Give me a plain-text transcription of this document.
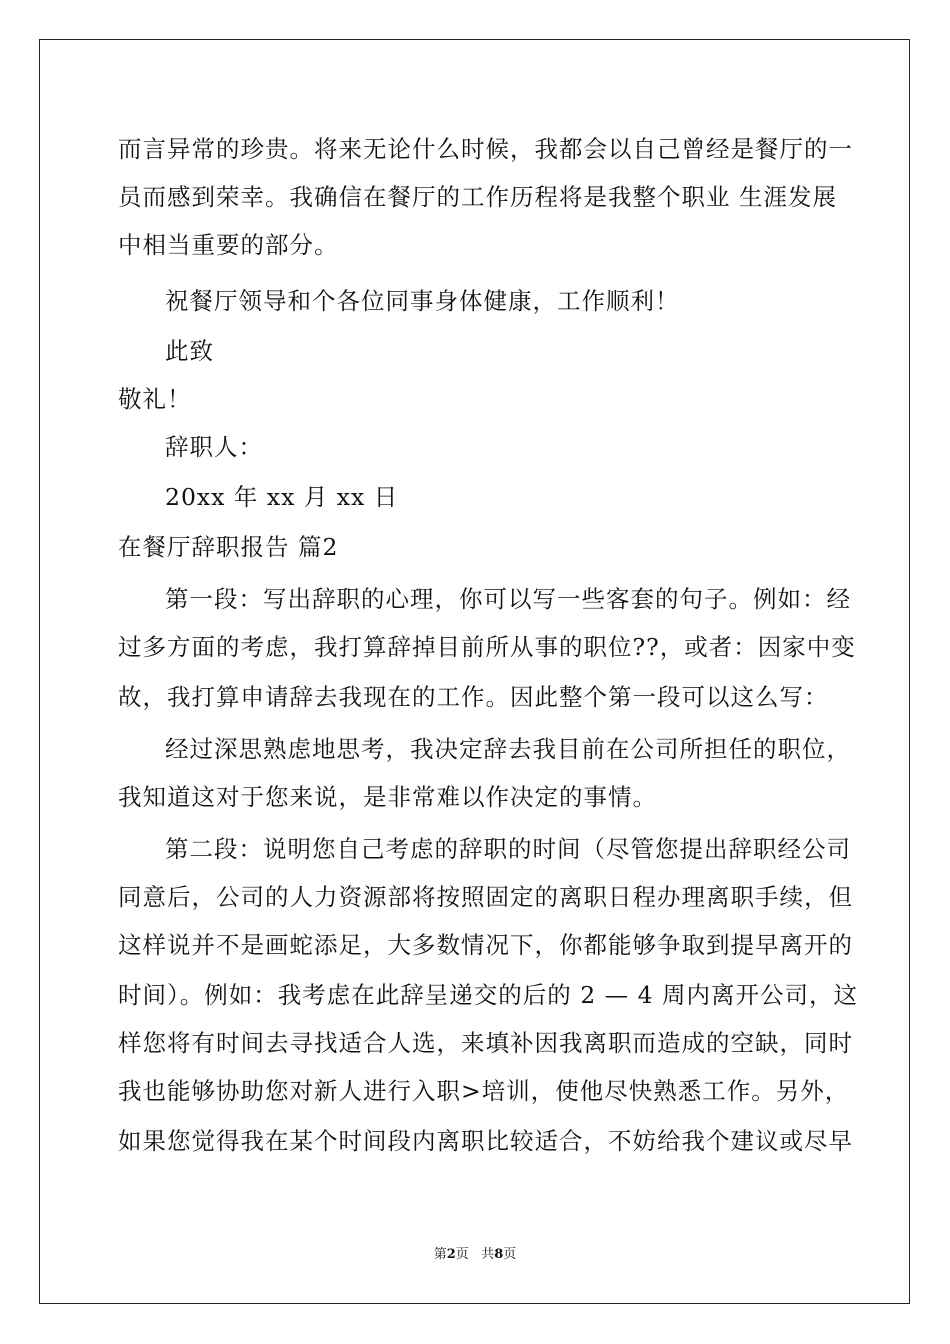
而言异常的珍贵。将来无论什么时候，我都会以自己曾经是餐厅的一
员而感到荣幸。我确信在餐厅的工作历程将是我整个职业 生涯发展
中相当重要的部分。
祝餐厅领导和个各位同事身体健康，工作顺利！
此致
敬礼！
辞职人：
20xx 年 xx 月 xx 日
在餐厅辞职报告 篇2
第一段：写出辞职的心理，你可以写一些客套的句子。例如：经
过多方面的考虑，我打算辞掉目前所从事的职位??，或者：因家中变
故，我打算申请辞去我现在的工作。因此整个第一段可以这么写：
经过深思熟虑地思考，我决定辞去我目前在公司所担任的职位，
我知道这对于您来说，是非常难以作决定的事情。
第二段：说明您自己考虑的辞职的时间（尽管您提出辞职经公司
同意后，公司的人力资源部将按照固定的离职日程办理离职手续，但
这样说并不是画蛇添足，大多数情况下，你都能够争取到提早离开的
时间）。例如：我考虑在此辞呈递交的后的 2 — 4 周内离开公司，这
样您将有时间去寻找适合人选，来填补因我离职而造成的空缺，同时
我也能够协助您对新人进行入职>培训，使他尽快熟悉工作。另外，
如果您觉得我在某个时间段内离职比较适合，不妨给我个建议或尽早
第2页 共8页
